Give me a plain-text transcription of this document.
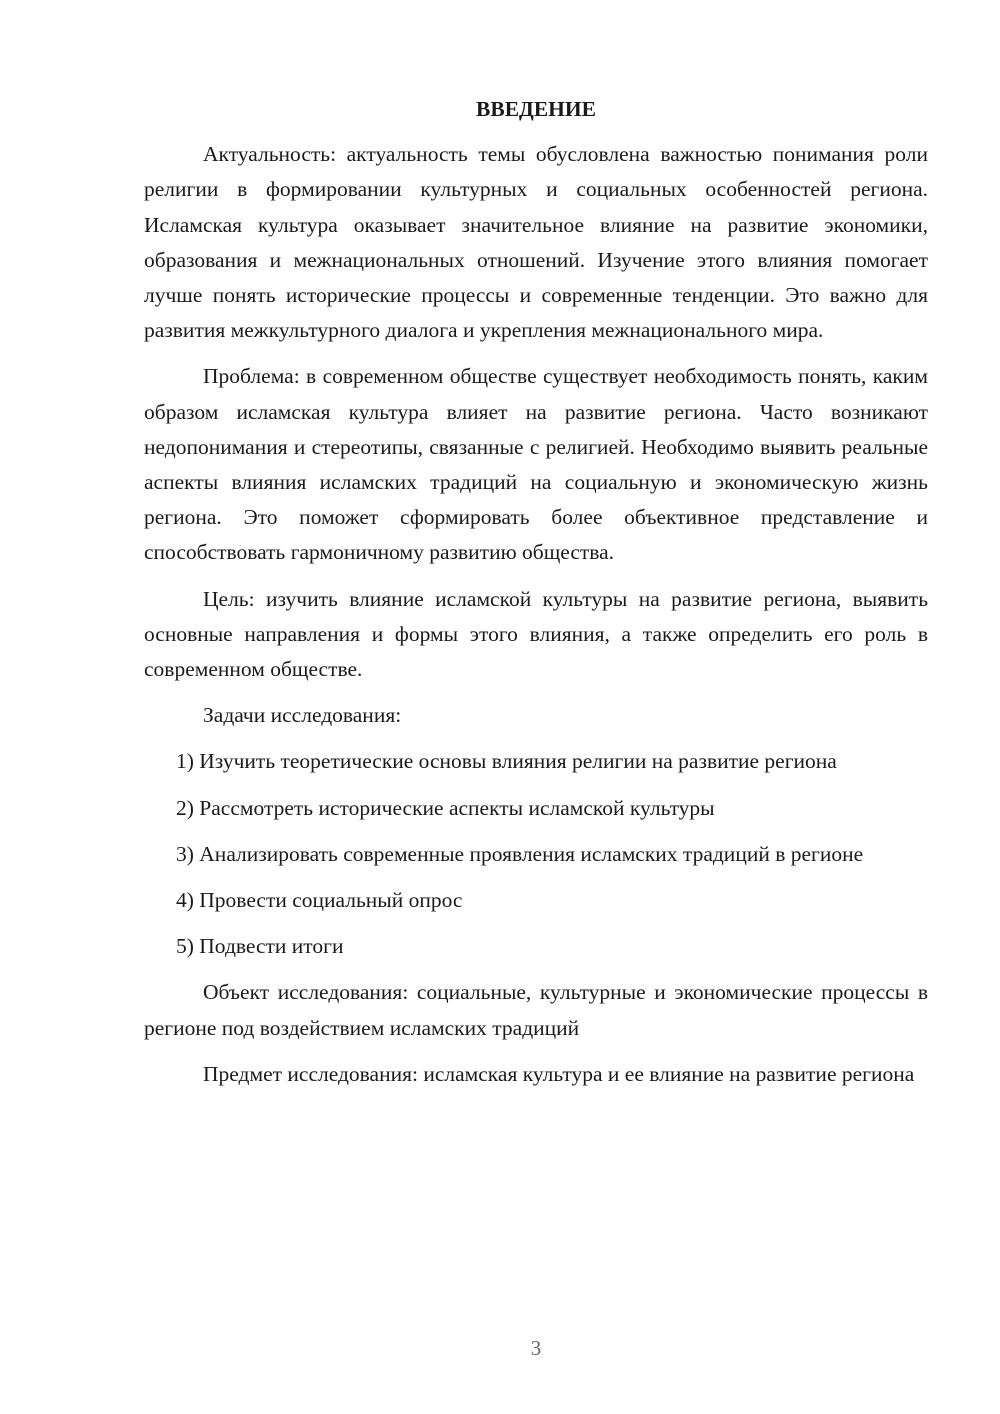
ВВЕДЕНИЕ

Актуальность: актуальность темы обусловлена важностью понимания роли религии в формировании культурных и социальных особенностей региона. Исламская культура оказывает значительное влияние на развитие экономики, образования и межнациональных отношений. Изучение этого влияния помогает лучше понять исторические процессы и современные тенденции. Это важно для развития межкультурного диалога и укрепления межнационального мира.

Проблема: в современном обществе существует необходимость понять, каким образом исламская культура влияет на развитие региона. Часто возникают недопонимания и стереотипы, связанные с религией. Необходимо выявить реальные аспекты влияния исламских традиций на социальную и экономическую жизнь региона. Это поможет сформировать более объективное представление и способствовать гармоничному развитию общества.

Цель: изучить влияние исламской культуры на развитие региона, выявить основные направления и формы этого влияния, а также определить его роль в современном обществе.

Задачи исследования:

1) Изучить теоретические основы влияния религии на развитие региона

2) Рассмотреть исторические аспекты исламской культуры

3) Анализировать современные проявления исламских традиций в регионе

4) Провести социальный опрос

5) Подвести итоги

Объект исследования: социальные, культурные и экономические процессы в регионе под воздействием исламских традиций

Предмет исследования: исламская культура и ее влияние на развитие региона

3
